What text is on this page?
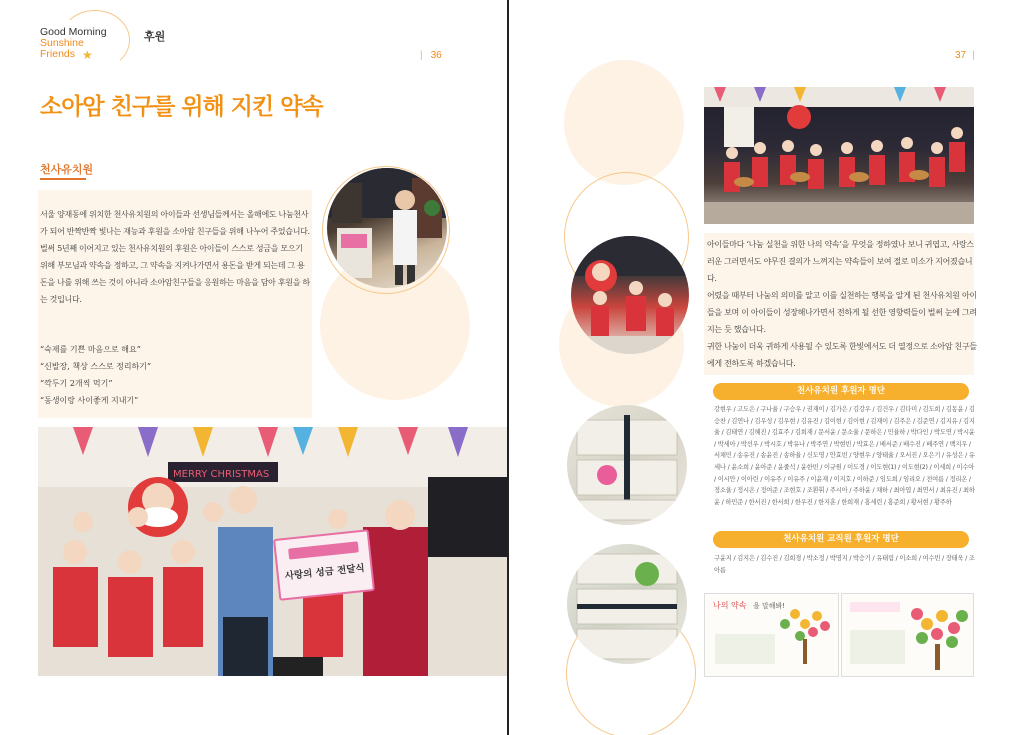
Good Morning
Sunshine
Friends ★
후원
| 36
소아암 친구를 위해 지킨 약속
천사유치원

서울 양재동에 위치한 천사유치원의 아이들과 선생님들께서는 올해에도 나눔천사가 되어 반짝반짝 빛나는 재능과 후원을 소아암 친구들을 위해 나누어 주었습니다.

벌써 5년째 이어지고 있는 천사유치원의 후원은 아이들이 스스로 성금을 모으기 위해 부모님과 약속을 정하고, 그 약속을 지켜나가면서 용돈을 받게 되는데 그 용돈을 나를 위해 쓰는 것이 아니라 소아암친구들을 응원하는 마음을 담아 후원을 하는 것입니다.

“숙제를 기쁜 마음으로 해요”
“신발장, 책상 스스로 정리하기”
“깍두기 2개씩 먹기”
“동생이랑 사이좋게 지내기”
MERRY CHRISTMAS
사랑의 성금 전달식
37 |

아이들마다 ‘나눔 실천을 위한 나의 약속’을 무엇을 정하였나 보니 귀엽고, 사랑스러운 그러면서도 야무진 결의가 느껴지는 약속들이 보여 절로 미소가 지어졌습니다.

어렸을 때부터 나눔의 의미를 알고 이를 실천하는 행복을 알게 된 천사유치원 아이들을 보며 이 아이들이 성장해나가면서 전하게 될 선한 영향력들이 벌써 눈에 그려지는 듯 했습니다.

귀한 나눔이 더욱 귀하게 사용될 수 있도록 한빛에서도 더 열정으로 소아암 친구들에게 전하도록 하겠습니다.

천사유치원 후원자 명단
강현우 / 고도은 / 구나율 / 구승우 / 권재이 / 김가은 / 김강우 / 김건우 / 김다미 / 김도희 / 김동윤 / 김승찬 / 김연나 / 김우성 / 김우현 / 김유진 / 김이현 / 김이현 / 김재이 / 김주은 / 김준연 / 김지유 / 김지율 / 김태연 / 김혜진 / 김효주 / 김희재 / 문서윤 / 문소율 / 문하은 / 민율하 / 박다인 / 박도연 / 박시윤 / 박세아 / 박선우 / 박시호 / 박유나 / 박주연 / 박현빈 / 박효은 / 배서준 / 배수진 / 배주연 / 백지우 / 서채민 / 송유진 / 송윤진 / 송하율 / 신도영 / 안효빈 / 양현우 / 양태율 / 오서진 / 오은기 / 유성은 / 유세나 / 윤소희 / 윤아준 / 윤줄석 / 윤한빈 / 이규원 / 이도경 / 이도현(1) / 이도현(2) / 이세희 / 이수아 / 이시안 / 이아린 / 이유주 / 이유주 / 이윤재 / 이지호 / 이하준 / 임도희 / 임리오 / 전여름 / 정리온 / 정소율 / 정시온 / 정여준 / 조현호 / 조환휘 / 주시아 / 주하윤 / 채하 / 최아엽 / 최연서 / 최유진 / 최하윤 / 하민준 / 한서진 / 한서희 / 한우진 / 한지훈 / 한희재 / 홍세린 / 홍준희 / 황서현 / 황주하
천사유치원 교직원 후원자 명단
구윤지 / 김지은 / 김수진 / 김희경 / 박소정 / 박명지 / 박승기 / 유태림 / 이소희 / 여수빈 / 장태욱 / 조아름
나의 약속 을 말해봐!
